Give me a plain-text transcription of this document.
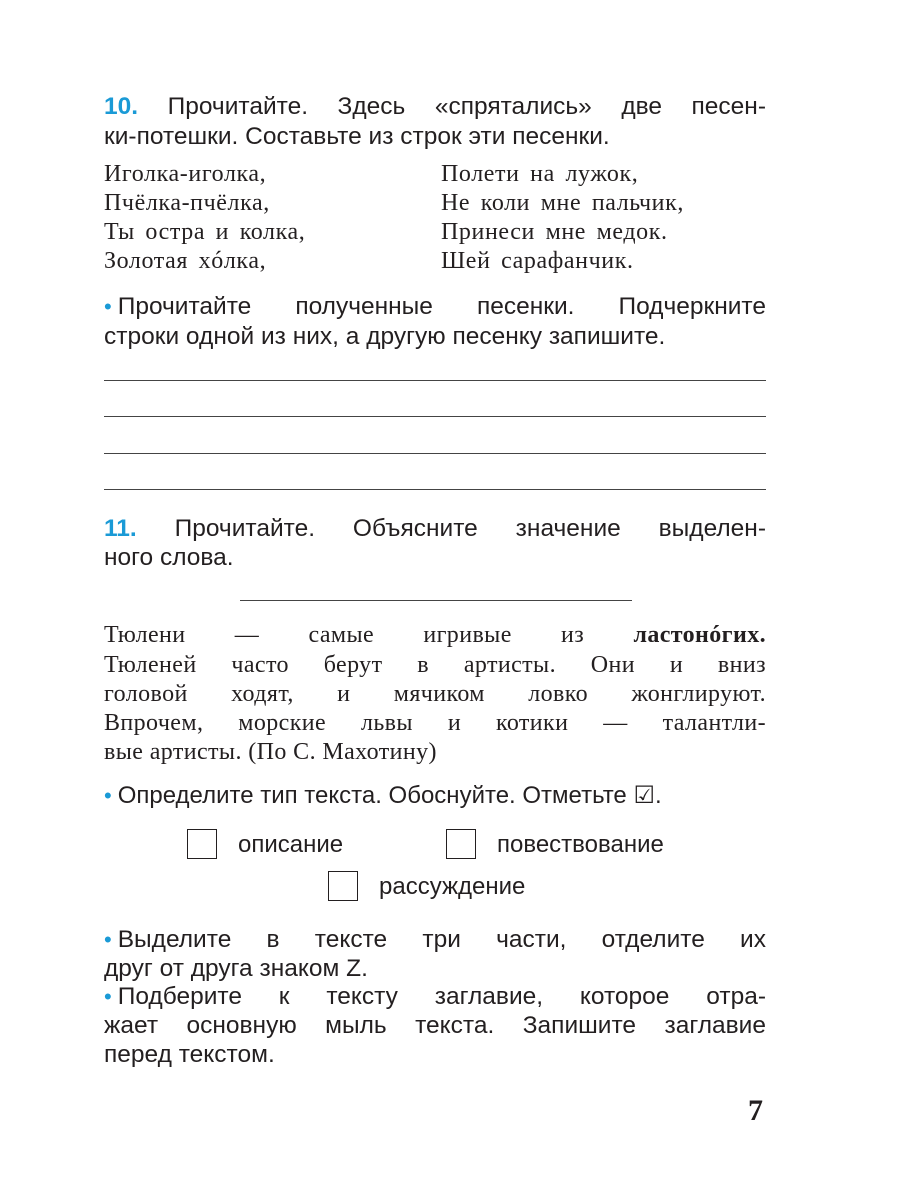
10. Прочитайте. Здесь «спрятались» две песен-
ки-потешки. Составьте из строк эти песенки.
Иголка-иголка,
Пчёлка-пчёлка,
Ты острa и колка,
Золотая хóлка,
Полети на лужок,
Не коли мне пальчик,
Принеси мне медок.
Шей сарафанчик.
• Прочитайте полученные песенки. Подчеркните
строки одной из них, а другую песенку запишите.
11. Прочитайте. Объясните значение выделен-
ного слова.
Тюлени — самые игривые из ластонóгих.
Тюленей часто берут в артисты. Они и вниз
головой ходят, и мячиком ловко жонглируют.
Впрочем, морские львы и котики — талантли-
вые артисты. (По С. Махотину)
• Определите тип текста. Обоснуйте. Отметьте ☑.
описание	повествование
рассуждение
• Выделите в тексте три части, отделите их
друг от друга знаком Z.
• Подберите к тексту заглавие, которое отра-
жает основную мыль текста. Запишите заглавие
перед текстом.
7
